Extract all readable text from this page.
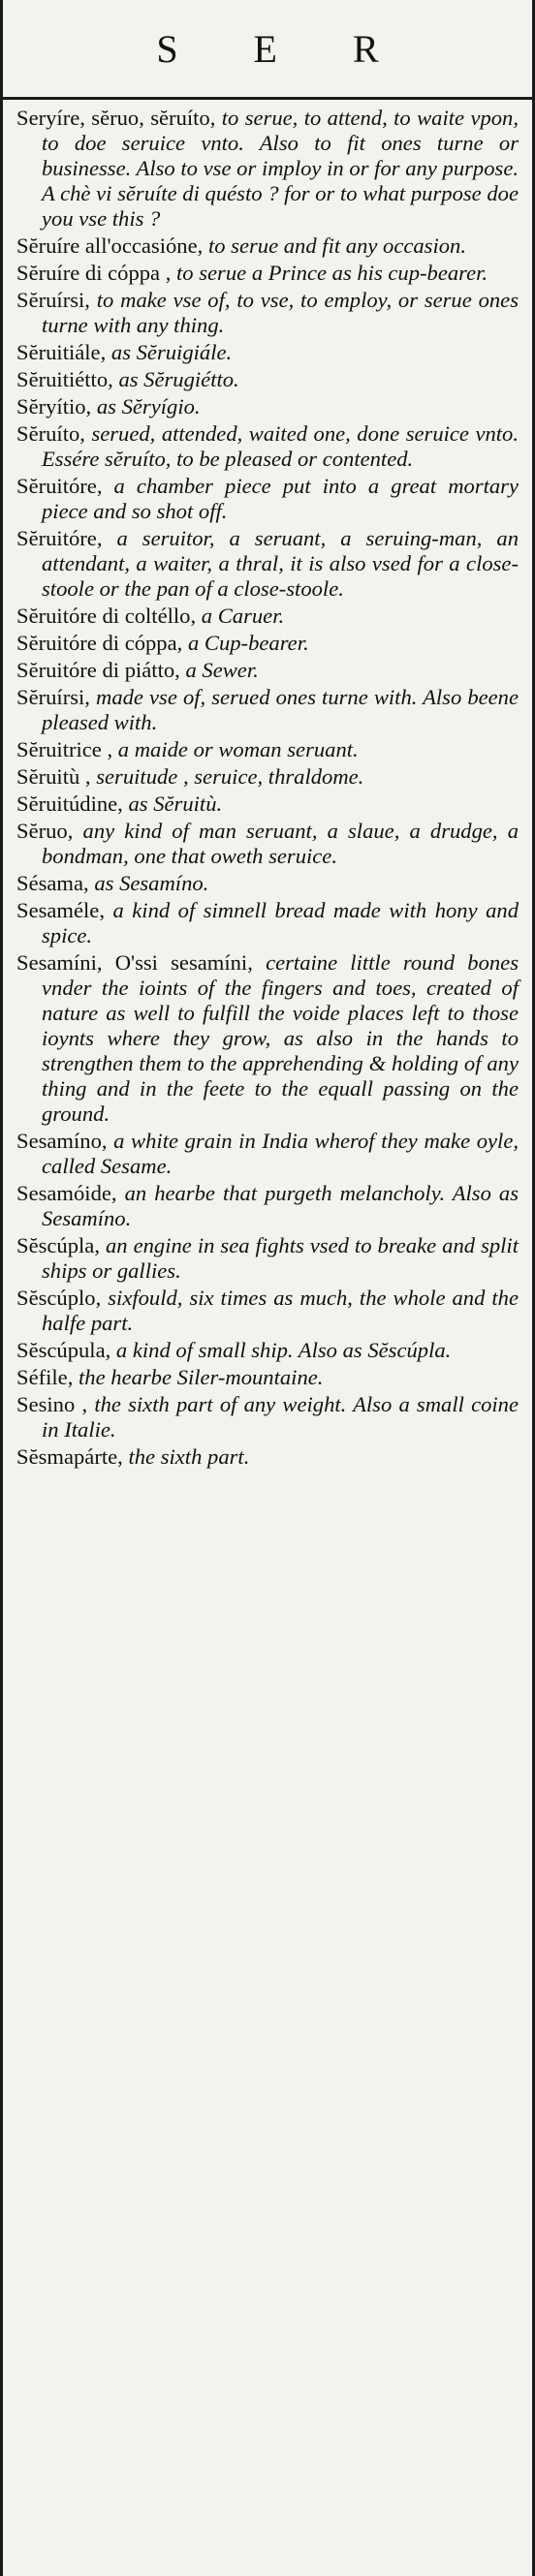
S E R

Serуíre, sĕruo, sĕruíto, to serue, to attend, to waite vpon, to doe seruice vnto. Also to fit ones turne or businesse. Also to vse or imploy in or for any purpose. A chè vi sĕruíte di quésto ? for or to what purpose doe you vse this ?

Sĕruíre all'occasióne, to serue and fit any occasion.

Sĕruíre di cóppa , to serue a Prince as his cup-bearer.

Sĕruírsi, to make vse of, to vse, to employ, or serue ones turne with any thing.

Sĕruitiále, as Sĕruigiále.

Sĕruitiétto, as Sĕrugiétto.

Sĕrуítio, as Sĕrуígio.

Sĕruíto, serued, attended, waited one, done seruice vnto. Essére sĕruíto, to be pleased or contented.

Sĕruitóre, a chamber piece put into a great mortary piece and so shot off.

Sĕruitóre, a seruitor, a seruant, a seruing-man, an attendant, a waiter, a thral, it is also vsed for a close-stoole or the pan of a close-stoole.

Sĕruitóre di coltéllo, a Caruer.

Sĕruitóre di cóppa, a Cup-bearer.

Sĕruitóre di piátto, a Sewer.

Sĕruírsi, made vse of, serued ones turne with. Also beene pleased with.

Sĕruitrice , a maide or woman seruant.

Sĕruitù , seruitude , seruice, thraldome.

Sĕruitúdine, as Sĕruitù.

Sĕruo, any kind of man seruant, a slaue, a drudge, a bondman, one that oweth seruice.

Sésama, as Sesamíno.

Sesaméle, a kind of simnell bread made with hony and spice.

Sesamíni, O'ssi sesamíni, certaine little round bones vnder the ioints of the fingers and toes, created of nature as well to fulfill the voide places left to those ioynts where they grow, as also in the hands to strengthen them to the apprehending & holding of any thing and in the feete to the equall passing on the ground.

Sesamíno, a white grain in India wherof they make oyle, called Sesame.

Sesamóide, an hearbe that purgeth melancholy. Also as Sesamíno.

Sĕscúpla, an engine in sea fights vsed to breake and split ships or gallies.

Sĕscúplo, sixfould, six times as much, the whole and the halfe part.

Sĕscúpula, a kind of small ship. Also as Sĕscúpla.

Séfile, the hearbe Siler-mountaine.

Sesino , the sixth part of any weight. Also a small coine in Italie.

Sĕsmapárte, the sixth part.
